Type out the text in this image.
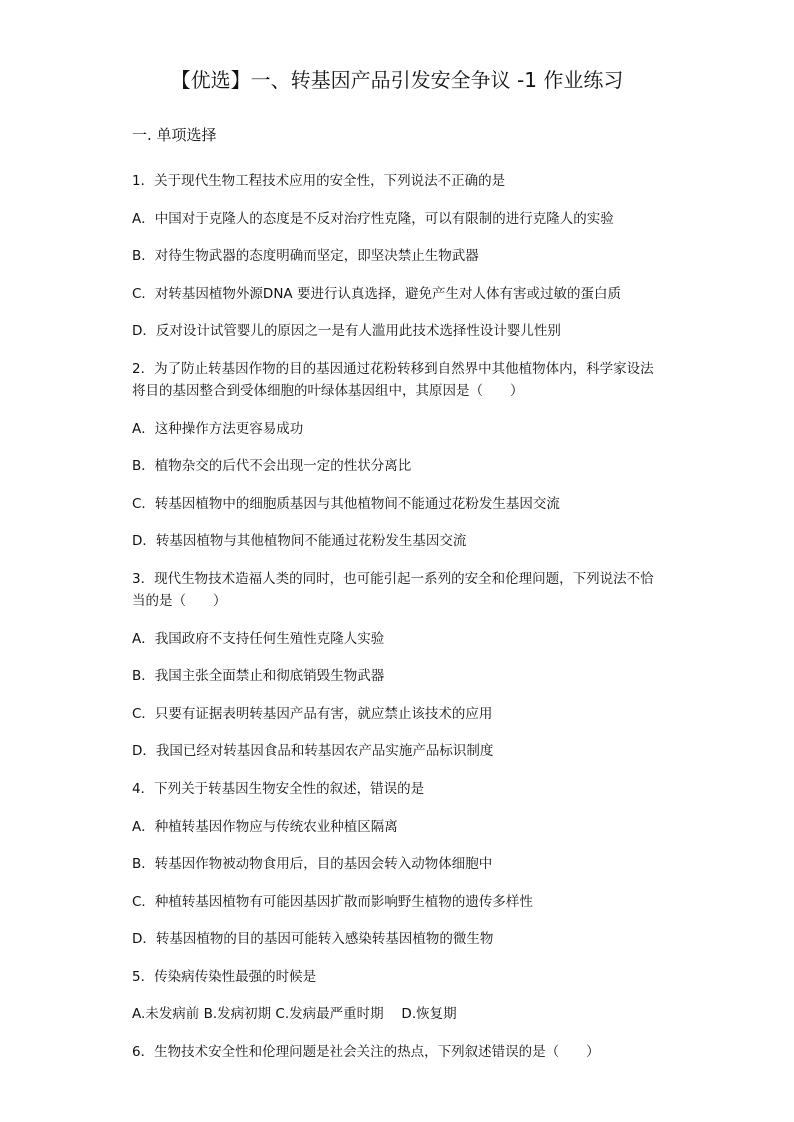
【优选】一、转基因产品引发安全争议 -1 作业练习
一. 单项选择
1．关于现代生物工程技术应用的安全性，下列说法不正确的是
A．中国对于克隆人的态度是不反对治疗性克隆，可以有限制的进行克隆人的实验
B．对待生物武器的态度明确而坚定，即坚决禁止生物武器
C．对转基因植物外源DNA 要进行认真选择，避免产生对人体有害或过敏的蛋白质
D．反对设计试管婴儿的原因之一是有人滥用此技术选择性设计婴儿性别
2．为了防止转基因作物的目的基因通过花粉转移到自然界中其他植物体内，科学家设法将目的基因整合到受体细胞的叶绿体基因组中，其原因是（　　）
A．这种操作方法更容易成功
B．植物杂交的后代不会出现一定的性状分离比
C．转基因植物中的细胞质基因与其他植物间不能通过花粉发生基因交流
D．转基因植物与其他植物间不能通过花粉发生基因交流
3．现代生物技术造福人类的同时，也可能引起一系列的安全和伦理问题，下列说法不恰当的是（　　）
A．我国政府不支持任何生殖性克隆人实验
B．我国主张全面禁止和彻底销毁生物武器
C．只要有证据表明转基因产品有害，就应禁止该技术的应用
D．我国已经对转基因食品和转基因农产品实施产品标识制度
4．下列关于转基因生物安全性的叙述，错误的是
A．种植转基因作物应与传统农业种植区隔离
B．转基因作物被动物食用后，目的基因会转入动物体细胞中
C．种植转基因植物有可能因基因扩散而影响野生植物的遗传多样性
D．转基因植物的目的基因可能转入感染转基因植物的微生物
5．传染病传染性最强的时候是
A.未发病前 B.发病初期 C.发病最严重时期　 D.恢复期
6．生物技术安全性和伦理问题是社会关注的热点，下列叙述错误的是（　　）
